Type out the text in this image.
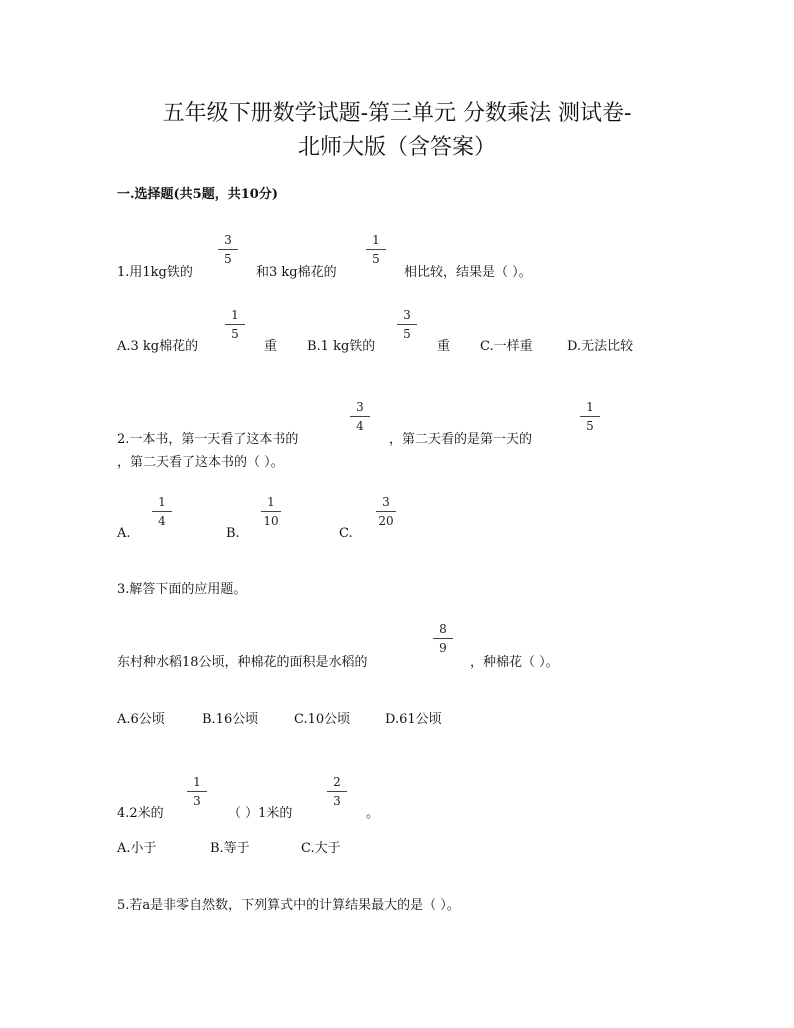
五年级下册数学试题-第三单元 分数乘法 测试卷-
北师大版（含答案）
一.选择题(共5题，共10分)
1.用1kg铁的
3
5
和3 kg棉花的
1
5
相比较，结果是（ ）。
A.3 kg棉花的
1
5
重 B.1 kg铁的
3
5
重 C.一样重	D.无法比较
2.一本书，第一天看了这本书的
3
4
，第二天看的是第一天的
1
5
，第二天看了这本书的（ ）。
A.
1
4
B.
1
10
C.
3
20
3.解答下面的应用题。
东村种水稻18公顷，种棉花的面积是水稻的
8
9
，种棉花（ ）。
A.6公顷	B.16公顷	C.10公顷	D.61公顷
4.2米的
1
3
（ ）1米的
2
3
。
A.小于	B.等于	C.大于
5.若a是非零自然数，下列算式中的计算结果最大的是（ ）。
